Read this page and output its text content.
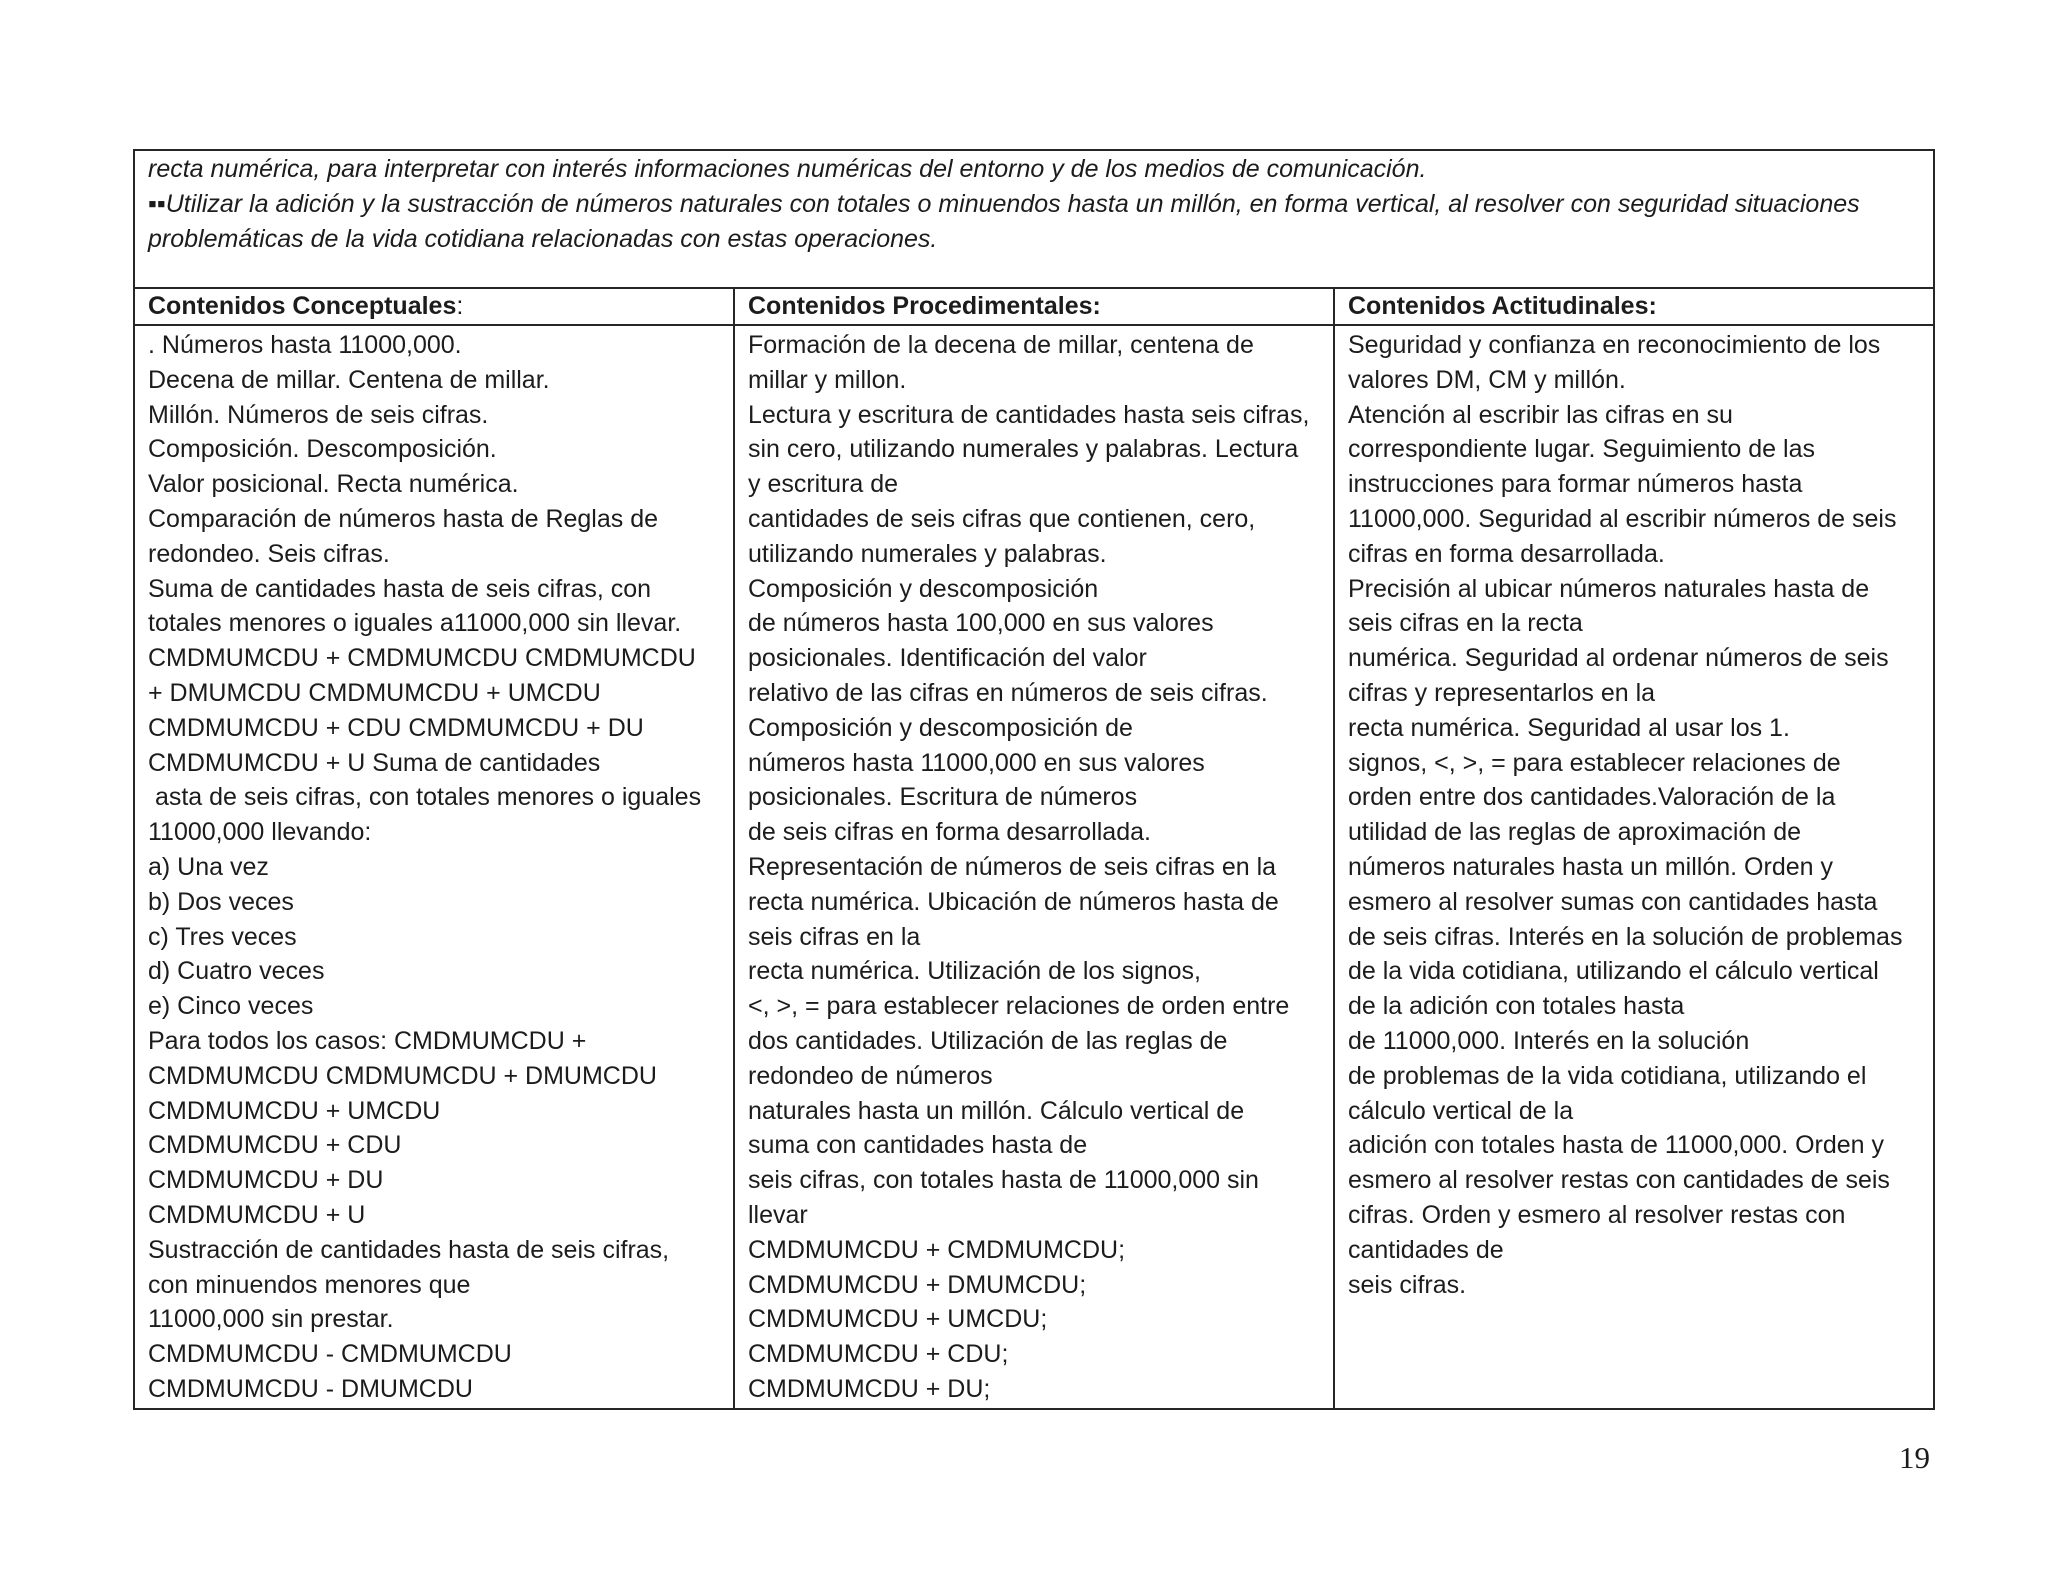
recta numérica, para interpretar con interés informaciones numéricas del entorno y de los medios de comunicación.
▪▪Utilizar la adición y la sustracción de números naturales con totales o minuendos hasta un millón, en forma vertical, al resolver con seguridad situaciones
problemáticas de la vida cotidiana relacionadas con estas operaciones.
Contenidos Conceptuales:	Contenidos Procedimentales:	Contenidos Actitudinales:
. Números hasta 11000,000.
Decena de millar. Centena de millar.
Millón. Números de seis cifras.
Composición. Descomposición.
Valor posicional. Recta numérica.
Comparación de números hasta de Reglas de
redondeo. Seis cifras.
Suma de cantidades hasta de seis cifras, con
totales menores o iguales a11000,000 sin llevar.
CMDMUMCDU + CMDMUMCDU CMDMUMCDU
+ DMUMCDU CMDMUMCDU + UMCDU
CMDMUMCDU + CDU CMDMUMCDU + DU
CMDMUMCDU + U Suma de cantidades
asta de seis cifras, con totales menores o iguales
11000,000 llevando:
a) Una vez
b) Dos veces
c) Tres veces
d) Cuatro veces
e) Cinco veces
Para todos los casos: CMDMUMCDU +
CMDMUMCDU CMDMUMCDU + DMUMCDU
CMDMUMCDU + UMCDU
CMDMUMCDU + CDU
CMDMUMCDU + DU
CMDMUMCDU + U
Sustracción de cantidades hasta de seis cifras,
con minuendos menores que
11000,000 sin prestar.
CMDMUMCDU - CMDMUMCDU
CMDMUMCDU - DMUMCDU
Formación de la decena de millar, centena de
millar y millon.
Lectura y escritura de cantidades hasta seis cifras,
sin cero, utilizando numerales y palabras. Lectura
y escritura de
cantidades de seis cifras que contienen, cero,
utilizando numerales y palabras.
Composición y descomposición
de números hasta 100,000 en sus valores
posicionales. Identificación del valor
relativo de las cifras en números de seis cifras.
Composición y descomposición de
números hasta 11000,000 en sus valores
posicionales. Escritura de números
de seis cifras en forma desarrollada.
Representación de números de seis cifras en la
recta numérica. Ubicación de números hasta de
seis cifras en la
recta numérica. Utilización de los signos,
<, >, = para establecer relaciones de orden entre
dos cantidades. Utilización de las reglas de
redondeo de números
naturales hasta un millón. Cálculo vertical de
suma con cantidades hasta de
seis cifras, con totales hasta de 11000,000 sin
llevar
CMDMUMCDU + CMDMUMCDU;
CMDMUMCDU + DMUMCDU;
CMDMUMCDU + UMCDU;
CMDMUMCDU + CDU;
CMDMUMCDU + DU;
Seguridad y confianza en reconocimiento de los
valores DM, CM y millón.
Atención al escribir las cifras en su
correspondiente lugar. Seguimiento de las
instrucciones para formar números hasta
11000,000. Seguridad al escribir números de seis
cifras en forma desarrollada.
Precisión al ubicar números naturales hasta de
seis cifras en la recta
numérica. Seguridad al ordenar números de seis
cifras y representarlos en la
recta numérica. Seguridad al usar los 1.
signos, <, >, = para establecer relaciones de
orden entre dos cantidades.Valoración de la
utilidad de las reglas de aproximación de
números naturales hasta un millón. Orden y
esmero al resolver sumas con cantidades hasta
de seis cifras. Interés en la solución de problemas
de la vida cotidiana, utilizando el cálculo vertical
de la adición con totales hasta
de 11000,000. Interés en la solución
de problemas de la vida cotidiana, utilizando el
cálculo vertical de la
adición con totales hasta de 11000,000. Orden y
esmero al resolver restas con cantidades de seis
cifras. Orden y esmero al resolver restas con
cantidades de
seis cifras.
19
